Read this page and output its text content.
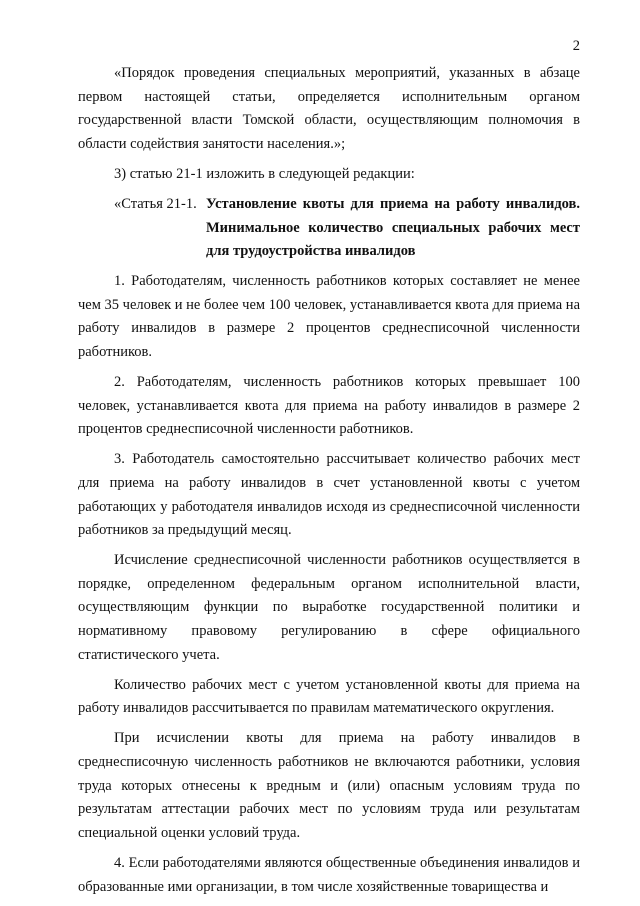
2

«Порядок проведения специальных мероприятий, указанных в абзаце первом настоящей статьи, определяется исполнительным органом государственной власти Томской области, осуществляющим полномочия в области содействия занятости населения.»;

3) статью 21-1 изложить в следующей редакции:

«Статья 21-1. Установление квоты для приема на работу инвалидов. Минимальное количество специальных рабочих мест для трудоустройства инвалидов

1. Работодателям, численность работников которых составляет не менее чем 35 человек и не более чем 100 человек, устанавливается квота для приема на работу инвалидов в размере 2 процентов среднесписочной численности работников.

2. Работодателям, численность работников которых превышает 100 человек, устанавливается квота для приема на работу инвалидов в размере 2 процентов среднесписочной численности работников.

3. Работодатель самостоятельно рассчитывает количество рабочих мест для приема на работу инвалидов в счет установленной квоты с учетом работающих у работодателя инвалидов исходя из среднесписочной численности работников за предыдущий месяц.

Исчисление среднесписочной численности работников осуществляется в порядке, определенном федеральным органом исполнительной власти, осуществляющим функции по выработке государственной политики и нормативному правовому регулированию в сфере официального статистического учета.

Количество рабочих мест с учетом установленной квоты для приема на работу инвалидов рассчитывается по правилам математического округления.

При исчислении квоты для приема на работу инвалидов в среднесписочную численность работников не включаются работники, условия труда которых отнесены к вредным и (или) опасным условиям труда по результатам аттестации рабочих мест по условиям труда или результатам специальной оценки условий труда.

4. Если работодателями являются общественные объединения инвалидов и образованные ими организации, в том числе хозяйственные товарищества и
